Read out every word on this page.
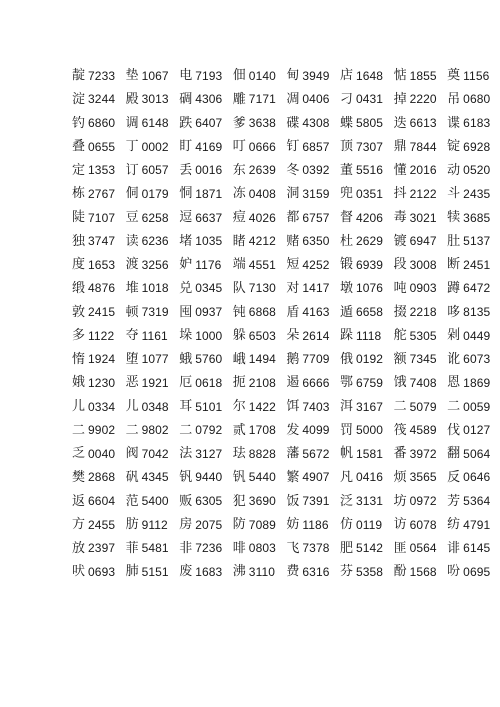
靛 7233 垫 1067 电 7193 佃 0140 甸 3949 店 1648 惦 1855 奠 1156
淀 3244 殿 3013 碉 4306 雕 7171 凋 0406 刁 0431 掉 2220 吊 0680
钓 6860 调 6148 跌 6407 爹 3638 碟 4308 蝶 5805 迭 6613 谍 6183
叠 0655 丁 0002 盯 4169 叮 0666 钉 6857 顶 7307 鼎 7844 锭 6928
定 1353 订 6057 丢 0016 东 2639 冬 0392 董 5516 懂 2016 动 0520
栋 2767 侗 0179 恫 1871 冻 0408 洞 3159 兜 0351 抖 2122 斗 2435
陡 7107 豆 6258 逗 6637 痘 4026 都 6757 督 4206 毒 3021 犊 3685
独 3747 读 6236 堵 1035 睹 4212 赌 6350 杜 2629 镀 6947 肚 5137
度 1653 渡 3256 妒 1176 端 4551 短 4252 锻 6939 段 3008 断 2451
缎 4876 堆 1018 兑 0345 队 7130 对 1417 墩 1076 吨 0903 蹲 6472
敦 2415 顿 7319 囤 0937 钝 6868 盾 4163 遁 6658 掇 2218 哆 8135
多 1122 夺 1161 垛 1000 躲 6503 朵 2614 跺 1118 舵 5305 剁 0449
惰 1924 堕 1077 蛾 5760 峨 1494 鹅 7709 俄 0192 额 7345 讹 6073
娥 1230 恶 1921 厄 0618 扼 2108 遏 6666 鄂 6759 饿 7408 恩 1869
儿 0334 儿 0348 耳 5101 尔 1422 饵 7403 洱 3167 二 5079 二 0059
二 9902 二 9802 二 0792 贰 1708 发 4099 罚 5000 筏 4589 伐 0127
乏 0040 阀 7042 法 3127 珐 8828 藩 5672 帆 1581 番 3972 翻 5064
樊 2868 矾 4345 钒 9440 钒 5440 繁 4907 凡 0416 烦 3565 反 0646
返 6604 范 5400 贩 6305 犯 3690 饭 7391 泛 3131 坊 0972 芳 5364
方 2455 肪 9112 房 2075 防 7089 妨 1186 仿 0119 访 6078 纺 4791
放 2397 菲 5481 非 7236 啡 0803 飞 7378 肥 5142 匪 0564 诽 6145
吠 0693 肺 5151 废 1683 沸 3110 费 6316 芬 5358 酚 1568 吩 0695
